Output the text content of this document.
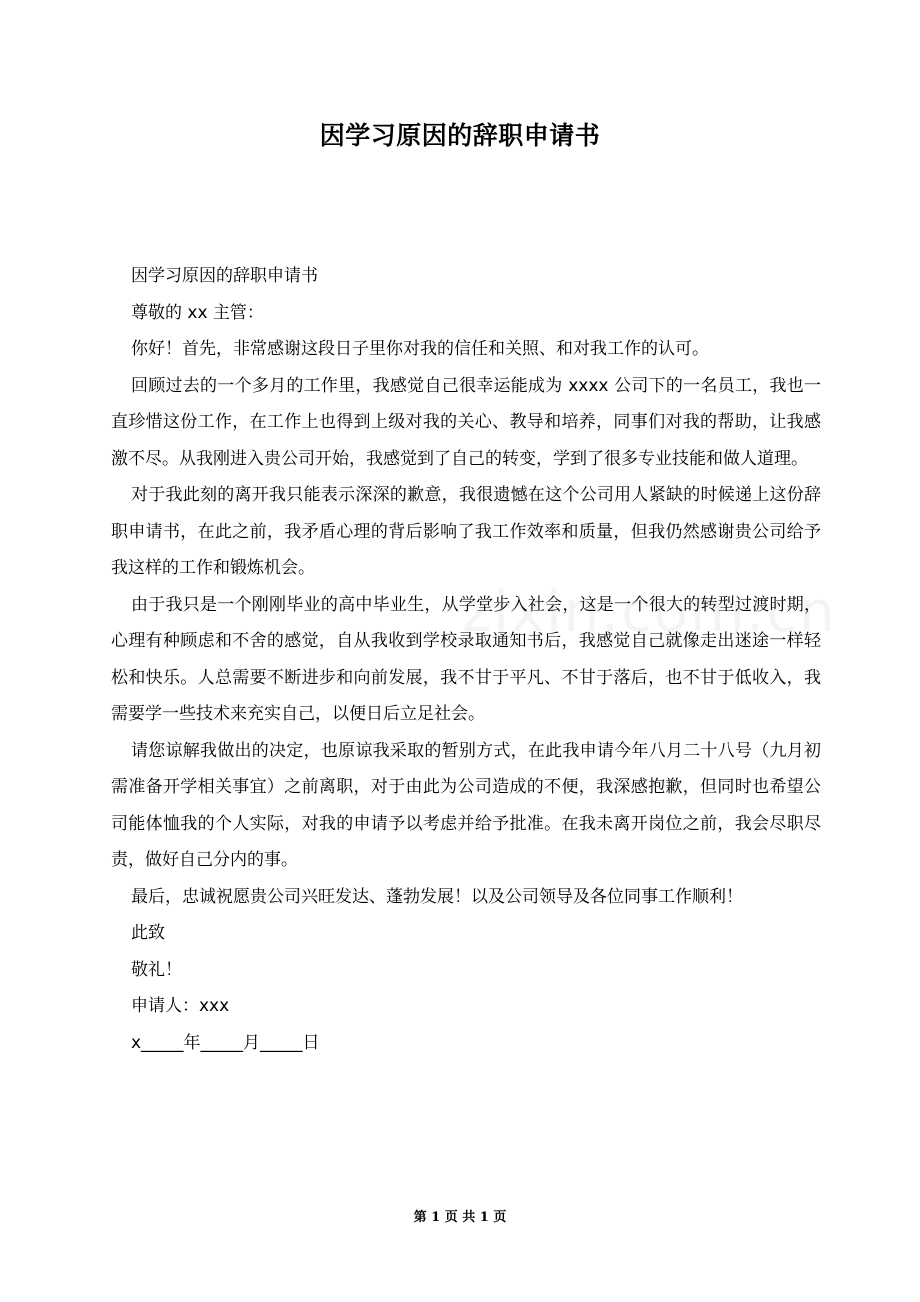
因学习原因的辞职申请书

因学习原因的辞职申请书

尊敬的 xx 主管：

你好！首先，非常感谢这段日子里你对我的信任和关照、和对我工作的认可。

回顾过去的一个多月的工作里，我感觉自己很幸运能成为 xxxx 公司下的一名员工，我也一直珍惜这份工作，在工作上也得到上级对我的关心、教导和培养，同事们对我的帮助，让我感激不尽。从我刚进入贵公司开始，我感觉到了自己的转变，学到了很多专业技能和做人道理。

对于我此刻的离开我只能表示深深的歉意，我很遗憾在这个公司用人紧缺的时候递上这份辞职申请书，在此之前，我矛盾心理的背后影响了我工作效率和质量，但我仍然感谢贵公司给予我这样的工作和锻炼机会。

由于我只是一个刚刚毕业的高中毕业生，从学堂步入社会，这是一个很大的转型过渡时期，心理有种顾虑和不舍的感觉，自从我收到学校录取通知书后，我感觉自己就像走出迷途一样轻松和快乐。人总需要不断进步和向前发展，我不甘于平凡、不甘于落后，也不甘于低收入，我需要学一些技术来充实自己，以便日后立足社会。

请您谅解我做出的决定，也原谅我采取的暂别方式，在此我申请今年八月二十八号（九月初需准备开学相关事宜）之前离职，对于由此为公司造成的不便，我深感抱歉，但同时也希望公司能体恤我的个人实际，对我的申请予以考虑并给予批准。在我未离开岗位之前，我会尽职尽责，做好自己分内的事。

最后，忠诚祝愿贵公司兴旺发达、蓬勃发展！以及公司领导及各位同事工作顺利！

此致

敬礼！

申请人：xxx

x_____年_____月_____日

第 1 页 共 1 页
